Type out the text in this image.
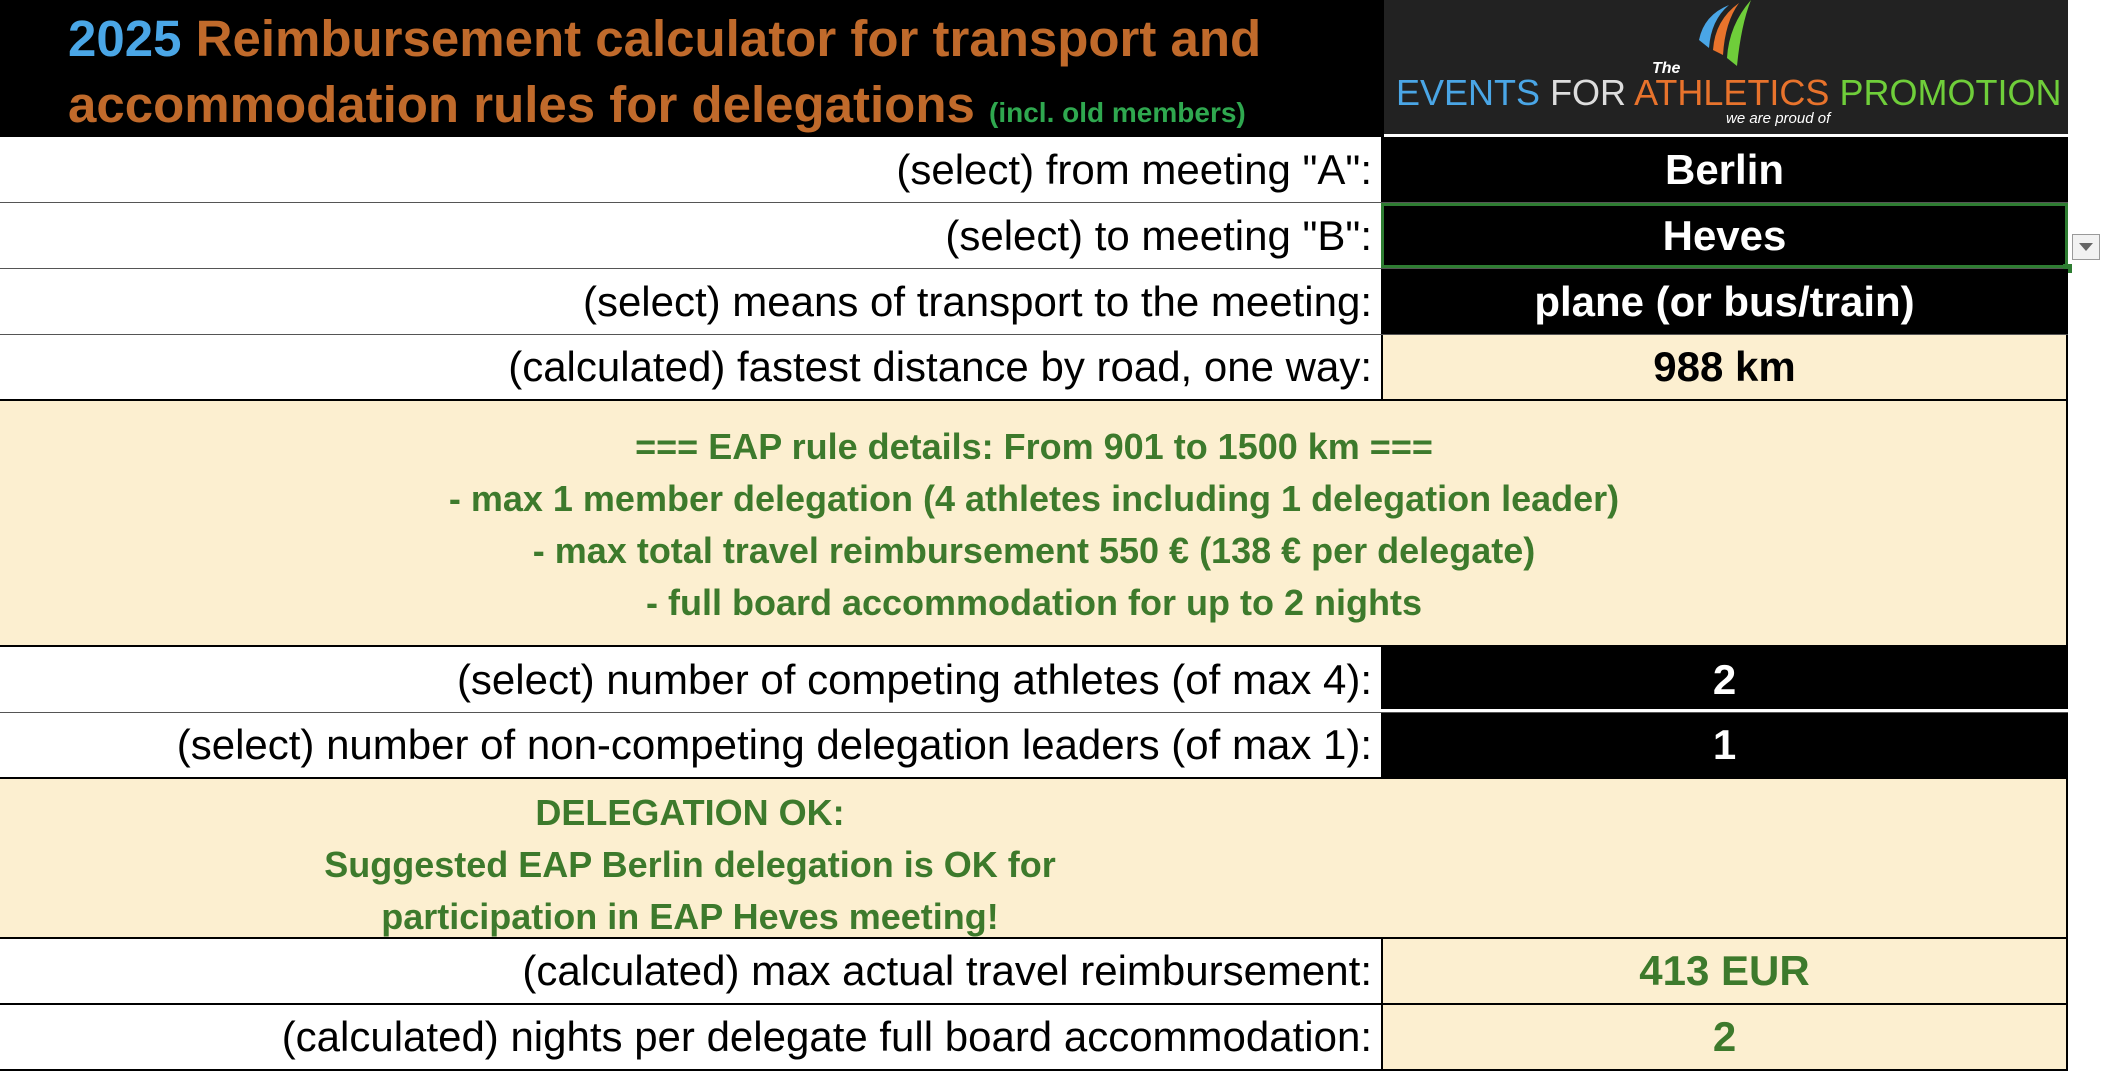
2025 Reimbursement calculator for transport and
accommodation rules for delegations (incl. old members)
The
EVENTS FOR ATHLETICS PROMOTION
we are proud of
(select) from meeting "A":	Berlin
(select) to meeting "B":	Heves
(select) means of transport to the meeting:	plane (or bus/train)
(calculated) fastest distance by road, one way:	988 km
=== EAP rule details: From 901 to 1500 km ===
- max 1 member delegation (4 athletes including 1 delegation leader)
- max total travel reimbursement 550 € (138 € per delegate)
- full board accommodation for up to 2 nights
(select) number of competing athletes (of max 4):	2
(select) number of non-competing delegation leaders (of max 1):	1
DELEGATION OK:
Suggested EAP Berlin delegation is OK for
participation in EAP Heves meeting!
(calculated) max actual travel reimbursement:	413 EUR
(calculated) nights per delegate full board accommodation:	2
